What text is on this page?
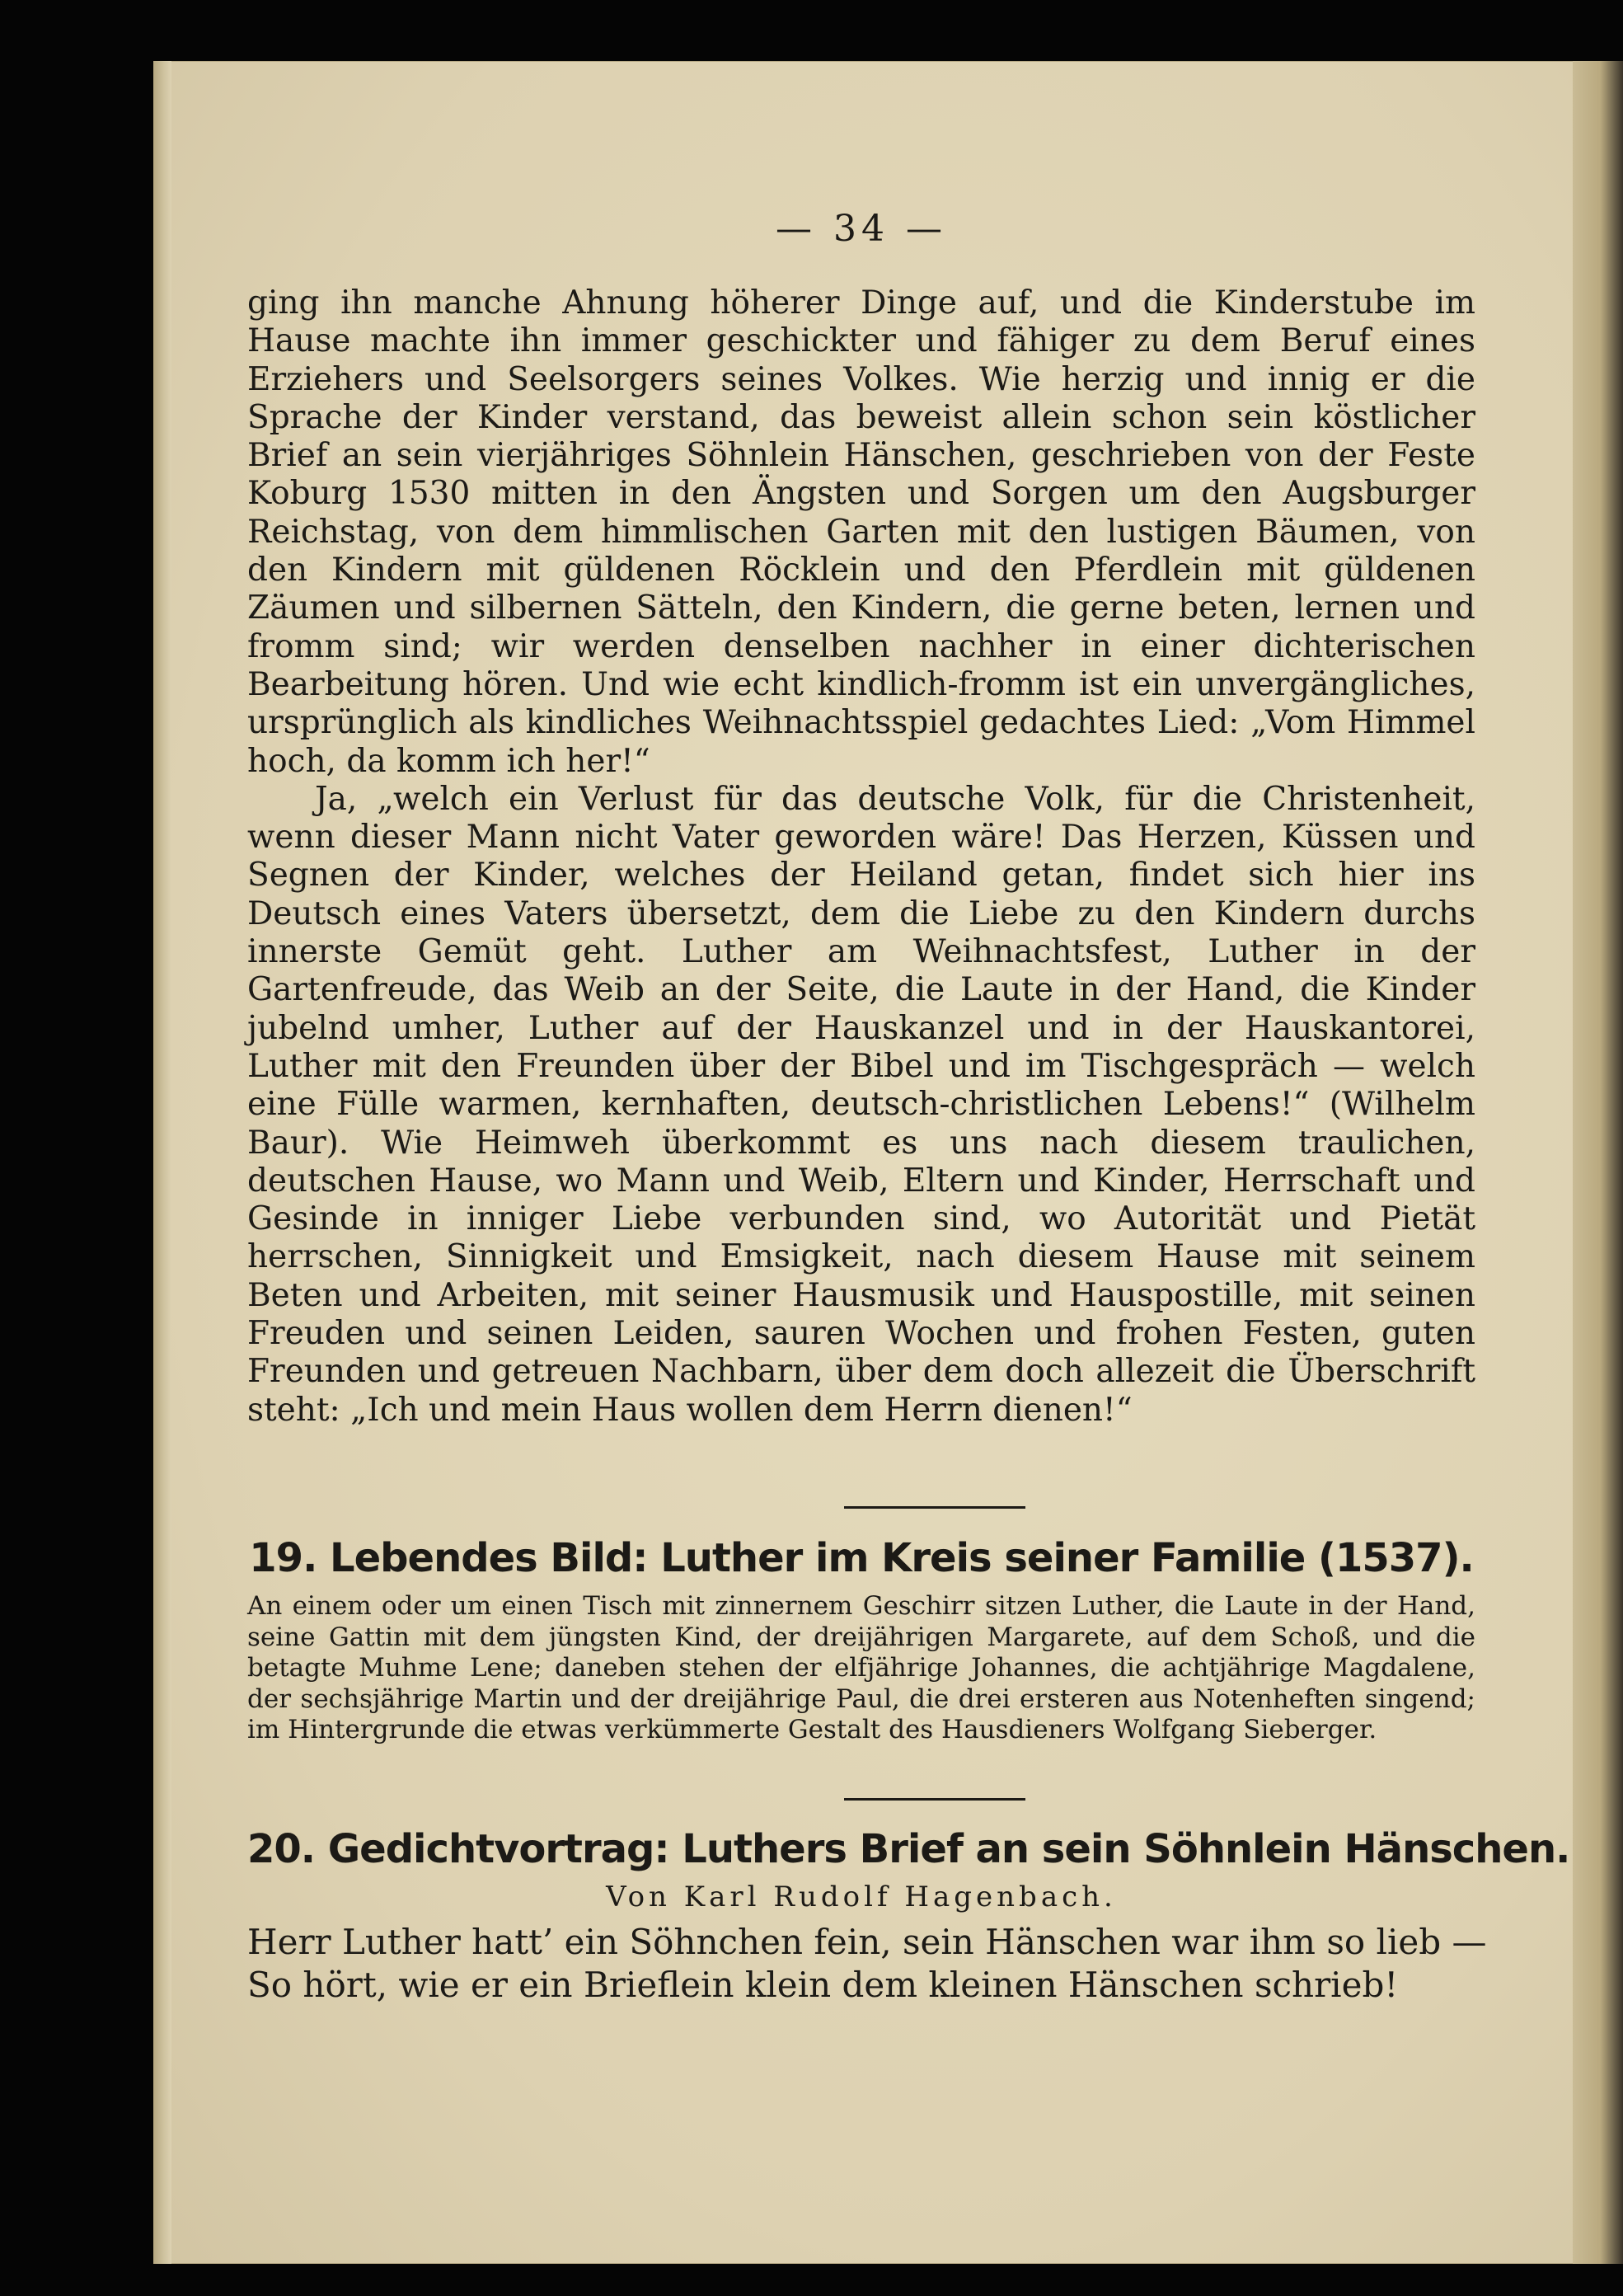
— 34 —

ging ihn manche Ahnung höherer Dinge auf, und die Kinderstube im Hause machte ihn immer geschickter und fähiger zu dem Beruf eines Erziehers und Seelsorgers seines Volkes. Wie herzig und innig er die Sprache der Kinder verstand, das beweist allein schon sein köstlicher Brief an sein vierjähriges Söhnlein Hänschen, geschrieben von der Feste Koburg 1530 mitten in den Ängsten und Sorgen um den Augsburger Reichstag, von dem himmlischen Garten mit den lustigen Bäumen, von den Kindern mit güldenen Röcklein und den Pferdlein mit güldenen Zäumen und silbernen Sätteln, den Kindern, die gerne beten, lernen und fromm sind; wir werden denselben nachher in einer dichterischen Bearbeitung hören. Und wie echt kindlich-fromm ist ein unvergängliches, ursprünglich als kindliches Weihnachtsspiel gedachtes Lied: „Vom Himmel hoch, da komm ich her!“

Ja, „welch ein Verlust für das deutsche Volk, für die Christenheit, wenn dieser Mann nicht Vater geworden wäre! Das Herzen, Küssen und Segnen der Kinder, welches der Heiland getan, findet sich hier ins Deutsch eines Vaters übersetzt, dem die Liebe zu den Kindern durchs innerste Gemüt geht. Luther am Weihnachtsfest, Luther in der Gartenfreude, das Weib an der Seite, die Laute in der Hand, die Kinder jubelnd umher, Luther auf der Hauskanzel und in der Hauskantorei, Luther mit den Freunden über der Bibel und im Tischgespräch — welch eine Fülle warmen, kernhaften, deutsch-christlichen Lebens!“ (Wilhelm Baur). Wie Heimweh überkommt es uns nach diesem traulichen, deutschen Hause, wo Mann und Weib, Eltern und Kinder, Herrschaft und Gesinde in inniger Liebe verbunden sind, wo Autorität und Pietät herrschen, Sinnigkeit und Emsigkeit, nach diesem Hause mit seinem Beten und Arbeiten, mit seiner Hausmusik und Hauspostille, mit seinen Freuden und seinen Leiden, sauren Wochen und frohen Festen, guten Freunden und getreuen Nachbarn, über dem doch allezeit die Überschrift steht: „Ich und mein Haus wollen dem Herrn dienen!“

19. Lebendes Bild: Luther im Kreis seiner Familie (1537).
An einem oder um einen Tisch mit zinnernem Geschirr sitzen Luther, die Laute in der Hand, seine Gattin mit dem jüngsten Kind, der dreijährigen Margarete, auf dem Schoß, und die betagte Muhme Lene; daneben stehen der elfjährige Johannes, die achtjährige Magdalene, der sechsjährige Martin und der dreijährige Paul, die drei ersteren aus Notenheften singend; im Hintergrunde die etwas verkümmerte Gestalt des Hausdieners Wolfgang Sieberger.
20. Gedichtvortrag: Luthers Brief an sein Söhnlein Hänschen.
Von Karl Rudolf Hagenbach.
Herr Luther hatt’ ein Söhnchen fein, sein Hänschen war ihm so lieb —
So hört, wie er ein Brieflein klein dem kleinen Hänschen schrieb!
